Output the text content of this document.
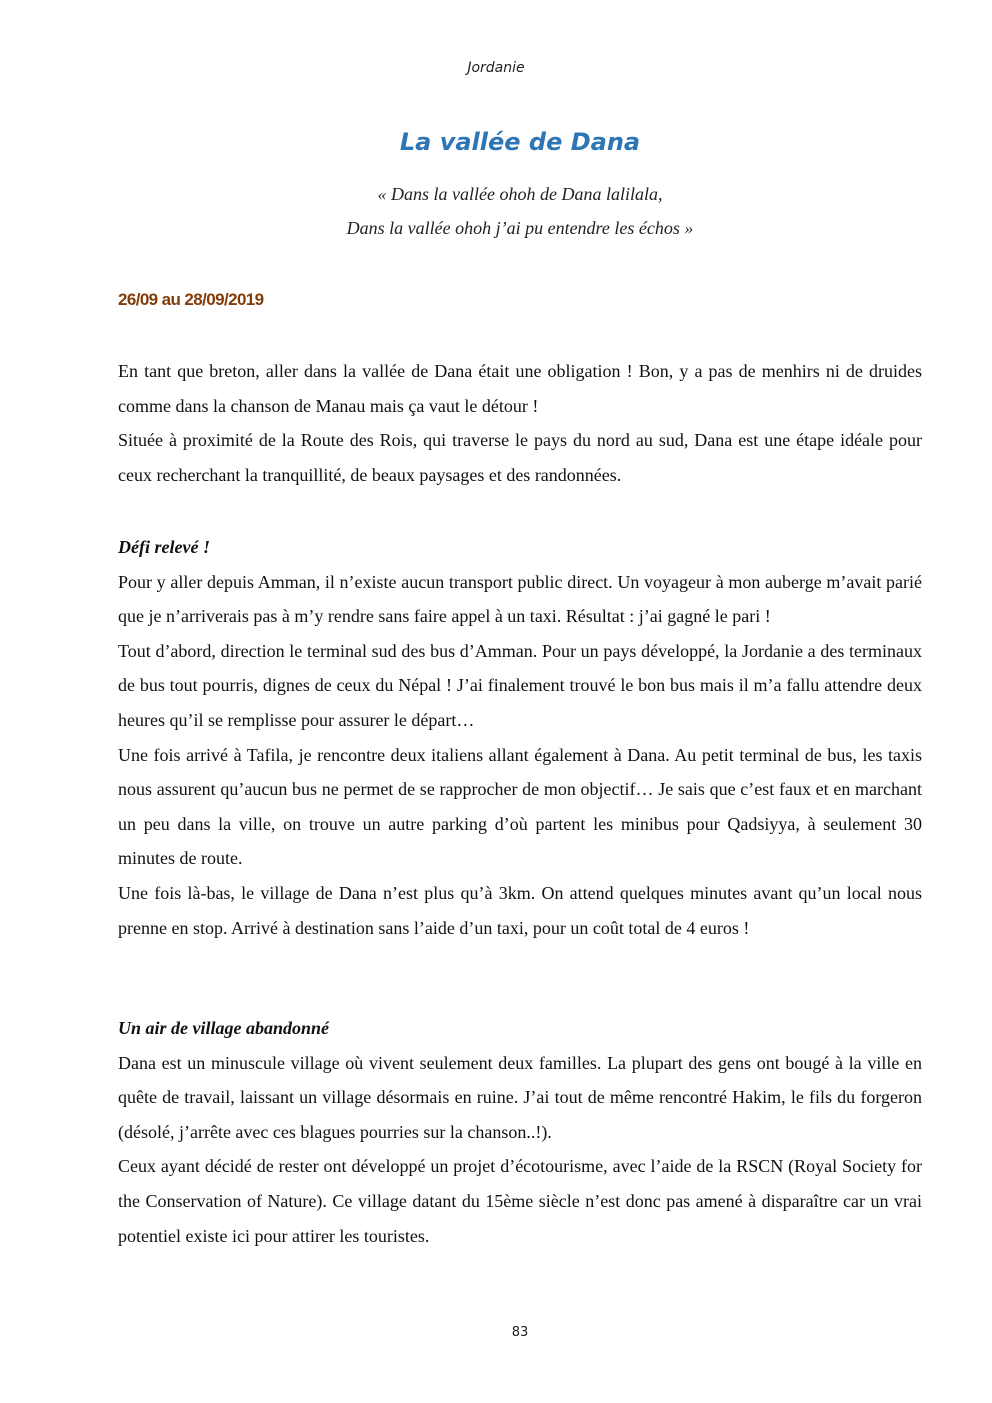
Jordanie
La vallée de Dana
« Dans la vallée ohoh de Dana lalilala,
Dans la vallée ohoh j’ai pu entendre les échos »
26/09 au 28/09/2019

En tant que breton, aller dans la vallée de Dana était une obligation ! Bon, y a pas de menhirs ni de druides comme dans la chanson de Manau mais ça vaut le détour !

Située à proximité de la Route des Rois, qui traverse le pays du nord au sud, Dana est une étape idéale pour ceux recherchant la tranquillité, de beaux paysages et des randonnées.

Défi relevé !

Pour y aller depuis Amman, il n’existe aucun transport public direct. Un voyageur à mon auberge m’avait parié que je n’arriverais pas à m’y rendre sans faire appel à un taxi. Résultat : j’ai gagné le pari !

Tout d’abord, direction le terminal sud des bus d’Amman. Pour un pays développé, la Jordanie a des terminaux de bus tout pourris, dignes de ceux du Népal ! J’ai finalement trouvé le bon bus mais il m’a fallu attendre deux heures qu’il se remplisse pour assurer le départ…

Une fois arrivé à Tafila, je rencontre deux italiens allant également à Dana. Au petit terminal de bus, les taxis nous assurent qu’aucun bus ne permet de se rapprocher de mon objectif… Je sais que c’est faux et en marchant un peu dans la ville, on trouve un autre parking d’où partent les minibus pour Qadsiyya, à seulement 30 minutes de route.

Une fois là-bas, le village de Dana n’est plus qu’à 3km. On attend quelques minutes avant qu’un local nous prenne en stop. Arrivé à destination sans l’aide d’un taxi, pour un coût total de 4 euros !

Un air de village abandonné

Dana est un minuscule village où vivent seulement deux familles. La plupart des gens ont bougé à la ville en quête de travail, laissant un village désormais en ruine. J’ai tout de même rencontré Hakim, le fils du forgeron (désolé, j’arrête avec ces blagues pourries sur la chanson..!).

Ceux ayant décidé de rester ont développé un projet d’écotourisme, avec l’aide de la RSCN (Royal Society for the Conservation of Nature). Ce village datant du 15ème siècle n’est donc pas amené à disparaître car un vrai potentiel existe ici pour attirer les touristes.

83
